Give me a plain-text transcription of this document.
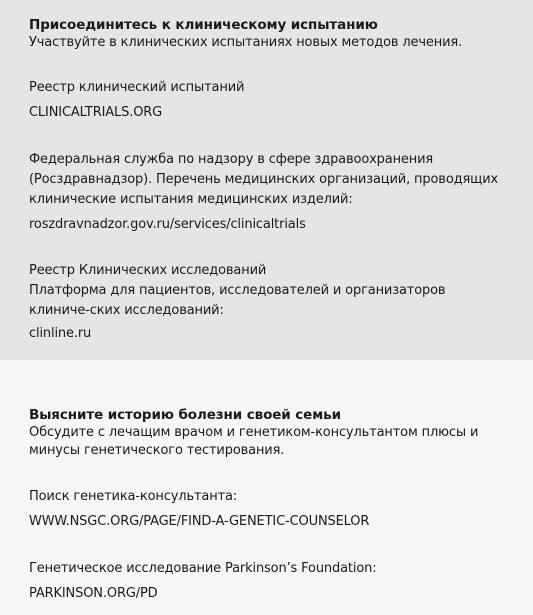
Присоединитесь к клиническому испытанию

Участвуйте в клинических испытаниях новых методов лечения.

Реестр клинический испытаний

CLINICALTRIALS.ORG

Федеральная служба по надзору в сфере здравоохранения (Росздравнадзор). Перечень медицинских организаций, проводящих клинические испытания медицинских изделий:

roszdravnadzor.gov.ru/services/clinicaltrials

Реестр Клинических исследований

Платформа для пациентов, исследователей и организаторов клиниче-ских исследований:

clinline.ru
Выясните историю болезни своей семьи

Обсудите с лечащим врачом и генетиком-консультантом плюсы и минусы генетического тестирования.

Поиск генетика-консультанта:

WWW.NSGC.ORG/PAGE/FIND-A-GENETIC-COUNSELOR

Генетическое исследование Parkinson’s Foundation:

PARKINSON.ORG/PD
